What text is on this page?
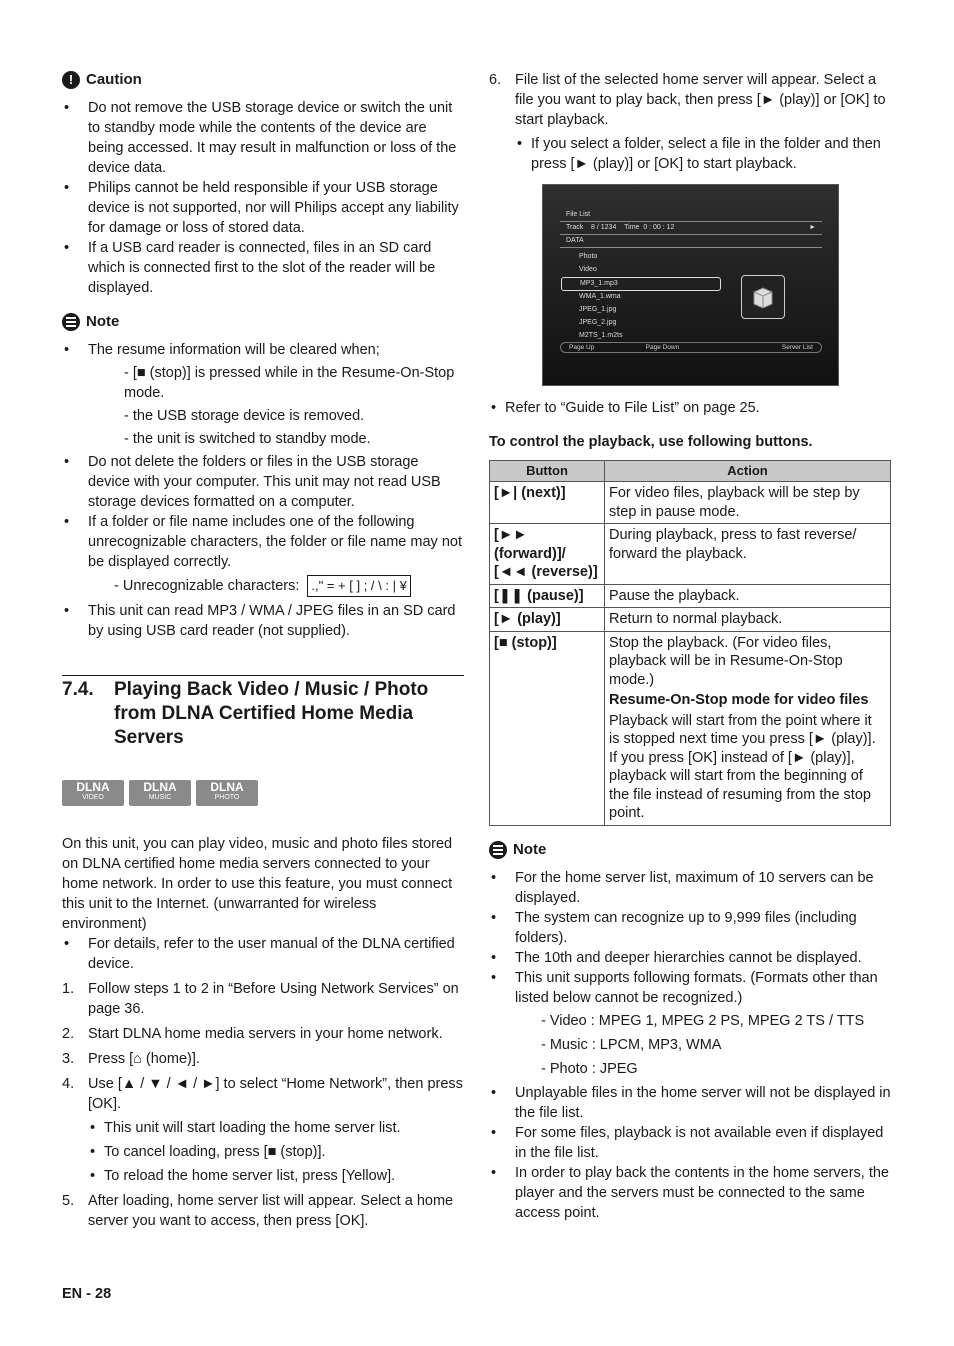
! Caution
• Do not remove the USB storage device or switch the unit to standby mode while the contents of the device are being accessed. It may result in malfunction or loss of the device data.
• Philips cannot be held responsible if your USB storage device is not supported, nor will Philips accept any liability for damage or loss of stored data.
• If a USB card reader is connected, files in an SD card which is connected first to the slot of the reader will be displayed.
Note
• The resume information will be cleared when;
- [■ (stop)] is pressed while in the Resume-On-Stop mode.
- the USB storage device is removed.
- the unit is switched to standby mode.
• Do not delete the folders or files in the USB storage device with your computer. This unit may not read USB storage devices formatted on a computer.
• If a folder or file name includes one of the following unrecognizable characters, the folder or file name may not be displayed correctly.
- Unrecognizable characters: .," = + [ ] ; / \ : | ¥
• This unit can read MP3 / WMA / JPEG files in an SD card by using USB card reader (not supplied).
7.4.	Playing Back Video / Music / Photo from DLNA Certified Home Media Servers
DLNA
VIDEO
DLNA
MUSIC
DLNA
PHOTO
On this unit, you can play video, music and photo files stored on DLNA certified home media servers connected to your home network. In order to use this feature, you must connect this unit to the Internet. (unwarranted for wireless environment)
• For details, refer to the user manual of the DLNA certified device.
1. Follow steps 1 to 2 in “Before Using Network Services” on page 36.
2. Start DLNA home media servers in your home network.
3. Press [⌂ (home)].
4. Use [▲ / ▼ / ◄ / ►] to select “Home Network”, then press [OK].
• This unit will start loading the home server list.
• To cancel loading, press [■ (stop)].
• To reload the home server list, press [Yellow].
5. After loading, home server list will appear. Select a home server you want to access, then press [OK].
6. File list of the selected home server will appear. Select a file you want to play back, then press [► (play)] or [OK] to start playback.
• If you select a folder, select a file in the folder and then press [► (play)] or [OK] to start playback.
File List
Track 8 / 1234 Time 0 : 00 : 12	►
DATA
Photo
Video
MP3_1.mp3
WMA_1.wma
JPEG_1.jpg
JPEG_2.jpg
M2TS_1.m2ts
Page Up	Page Down	Server List
• Refer to “Guide to File List” on page 25.
To control the playback, use following buttons.
Button	Action
[►| (next)]	For video files, playback will be step by step in pause mode.
[►► (forward)]/ [◄◄ (reverse)]	During playback, press to fast reverse/ forward the playback.
[❚❚ (pause)]	Pause the playback.
[► (play)]	Return to normal playback.
[■ (stop)]	Stop the playback. (For video files, playback will be in Resume-On-Stop mode.)
Resume-On-Stop mode for video files
Playback will start from the point where it is stopped next time you press [► (play)]. If you press [OK] instead of [► (play)], playback will start from the beginning of the file instead of resuming from the stop point.
Note
• For the home server list, maximum of 10 servers can be displayed.
• The system can recognize up to 9,999 files (including folders).
• The 10th and deeper hierarchies cannot be displayed.
• This unit supports following formats. (Formats other than listed below cannot be recognized.)
- Video : MPEG 1, MPEG 2 PS, MPEG 2 TS / TTS
- Music : LPCM, MP3, WMA
- Photo : JPEG
• Unplayable files in the home server will not be displayed in the file list.
• For some files, playback is not available even if displayed in the file list.
• In order to play back the contents in the home servers, the player and the servers must be connected to the same access point.
EN - 28
